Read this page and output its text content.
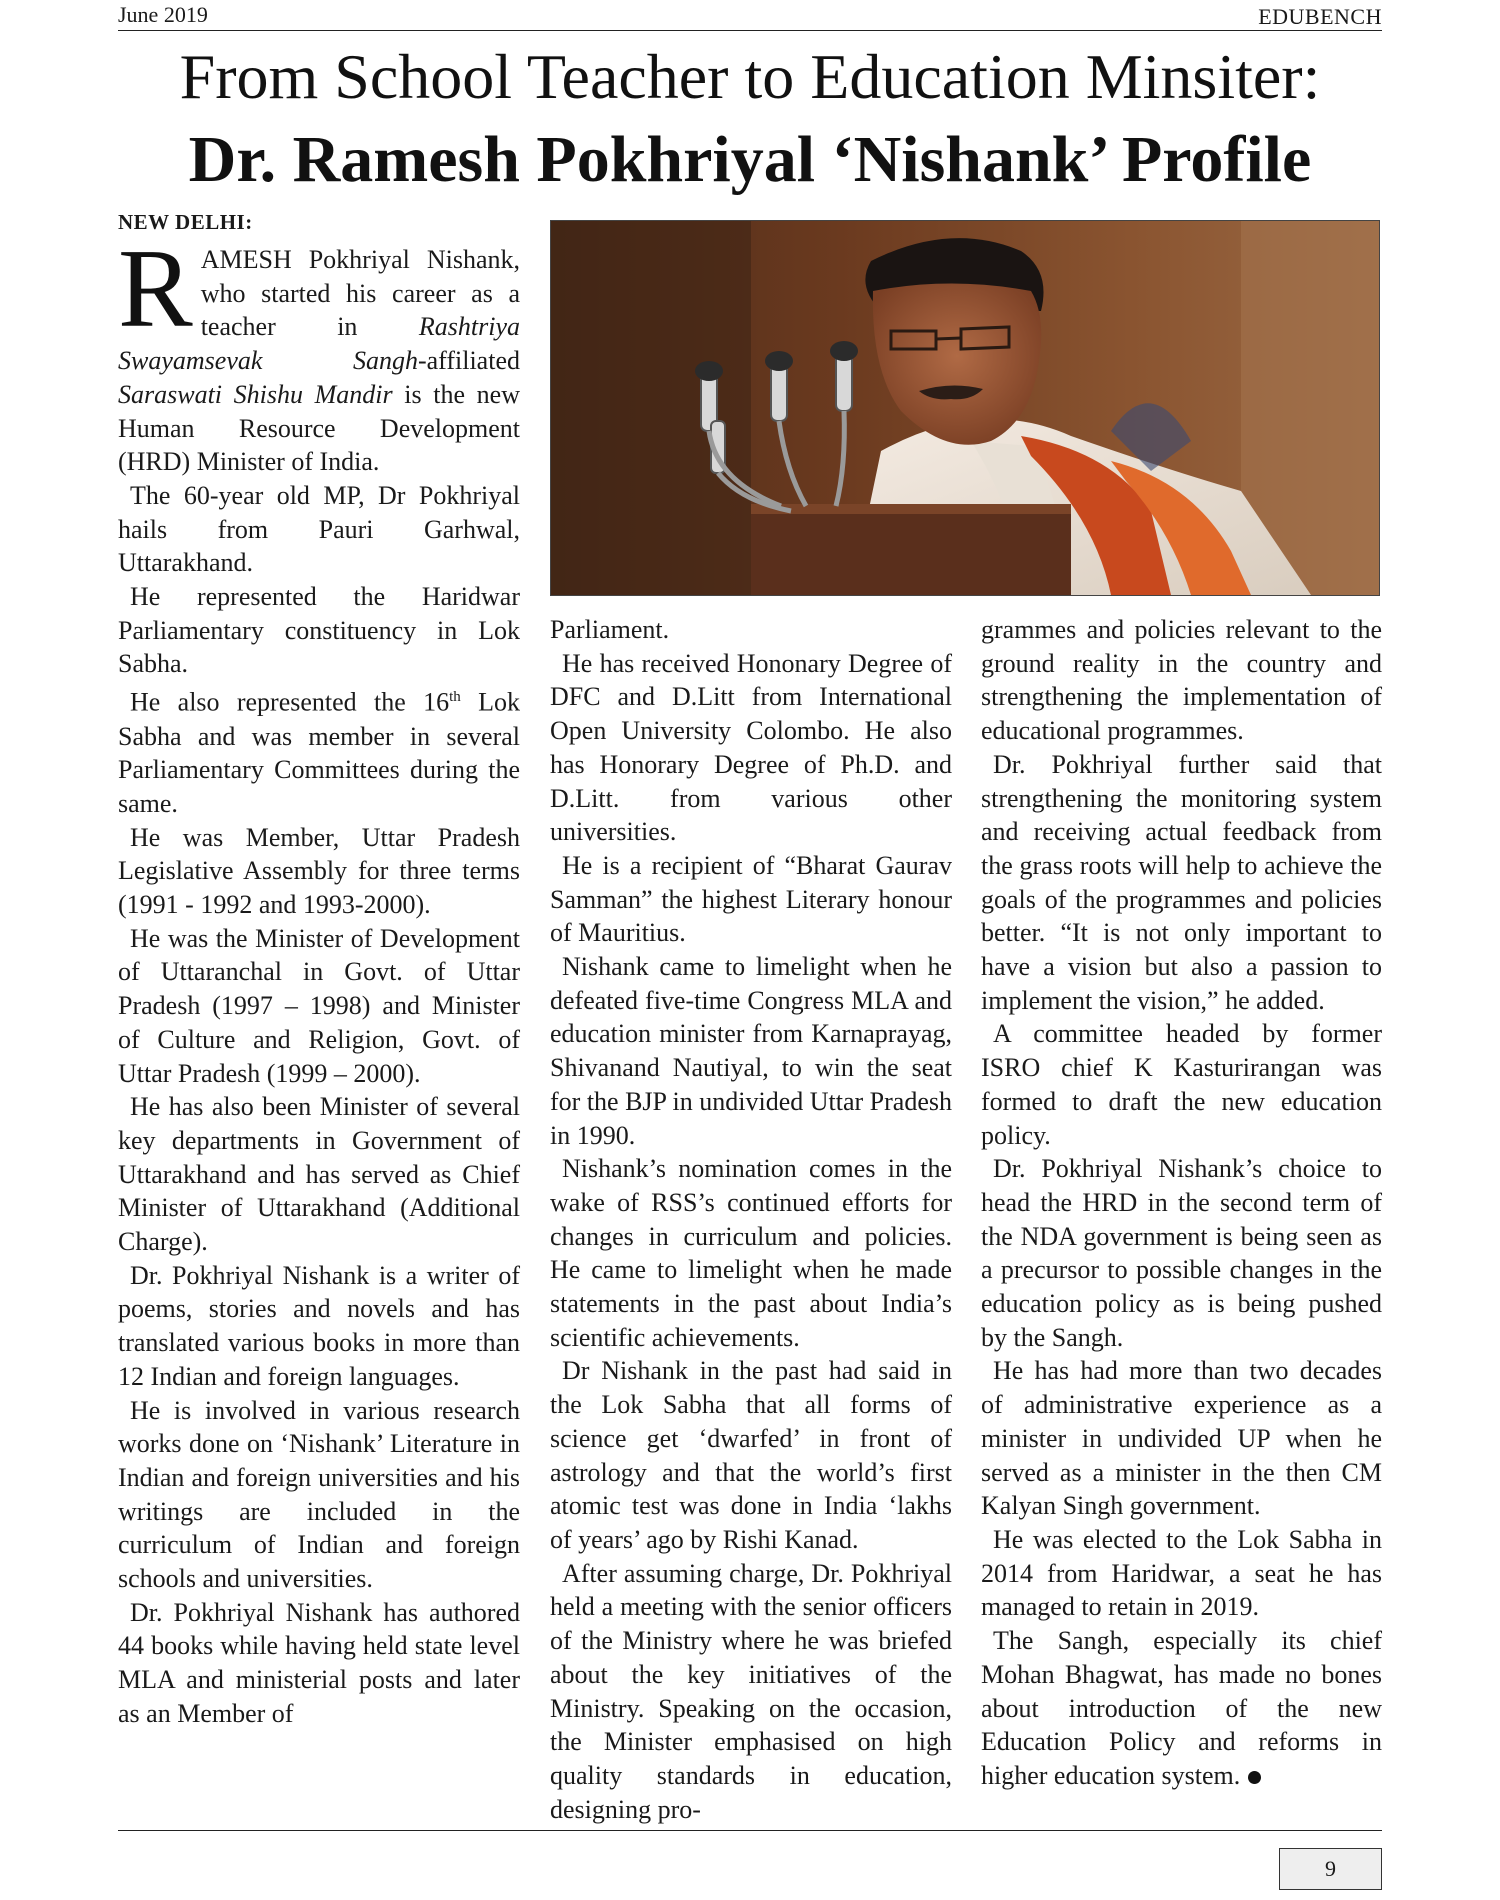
June 2019	EDUBENCH
From School Teacher to Education Minsiter:
Dr. Ramesh Pokhriyal ‘Nishank’ Profile
NEW DELHI:

RAMESH Pokhriyal Nishank, who started his career as a teacher in Rashtriya Swayamsevak Sangh-affiliated Saraswati Shishu Mandir is the new Human Resource Development (HRD) Minister of India.

The 60-year old MP, Dr Pokhriyal hails from Pauri Garhwal, Uttarakhand.

He represented the Haridwar Parliamentary constituency in Lok Sabha.

He also represented the 16th Lok Sabha and was member in several Parliamentary Committees during the same.

He was Member, Uttar Pradesh Legislative Assembly for three terms (1991 - 1992 and 1993-2000).

He was the Minister of Development of Uttaranchal in Govt. of Uttar Pradesh (1997 – 1998) and Minister of Culture and Religion, Govt. of Uttar Pradesh (1999 – 2000).

He has also been Minister of several key departments in Government of Uttarakhand and has served as Chief Minister of Uttarakhand (Additional Charge).

Dr. Pokhriyal Nishank is a writer of poems, stories and novels and has translated various books in more than 12 Indian and foreign languages.

He is involved in various research works done on ‘Nishank’ Literature in Indian and foreign universities and his writings are included in the curriculum of Indian and foreign schools and universities.

Dr. Pokhriyal Nishank has authored 44 books while having held state level MLA and ministerial posts and later as an Member of

Parliament.

He has received Hononary Degree of DFC and D.Litt from International Open University Colombo. He also has Honorary Degree of Ph.D. and D.Litt. from various other universities.

He is a recipient of “Bharat Gaurav Samman” the highest Literary honour of Mauritius.

Nishank came to limelight when he defeated five-time Congress MLA and education minister from Karnaprayag, Shivanand Nautiyal, to win the seat for the BJP in undivided Uttar Pradesh in 1990.

Nishank’s nomination comes in the wake of RSS’s continued efforts for changes in curriculum and policies. He came to limelight when he made statements in the past about India’s scientific achievements.

Dr Nishank in the past had said in the Lok Sabha that all forms of science get ‘dwarfed’ in front of astrology and that the world’s first atomic test was done in India ‘lakhs of years’ ago by Rishi Kanad.

After assuming charge, Dr. Pokhriyal held a meeting with the senior officers of the Ministry where he was briefed about the key initiatives of the Ministry. Speaking on the occasion, the Minister emphasised on high quality standards in education, designing pro-

grammes and policies relevant to the ground reality in the country and strengthening the implementation of educational programmes.

Dr. Pokhriyal further said that strengthening the monitoring system and receiving actual feedback from the grass roots will help to achieve the goals of the programmes and policies better. “It is not only important to have a vision but also a passion to implement the vision,” he added.

A committee headed by former ISRO chief K Kasturirangan was formed to draft the new education policy.

Dr. Pokhriyal Nishank’s choice to head the HRD in the second term of the NDA government is being seen as a precursor to possible changes in the education policy as is being pushed by the Sangh.

He has had more than two decades of administrative experience as a minister in undivided UP when he served as a minister in the then CM Kalyan Singh government.

He was elected to the Lok Sabha in 2014 from Haridwar, a seat he has managed to retain in 2019.

The Sangh, especially its chief Mohan Bhagwat, has made no bones about introduction of the new Education Policy and reforms in higher education system.

9
